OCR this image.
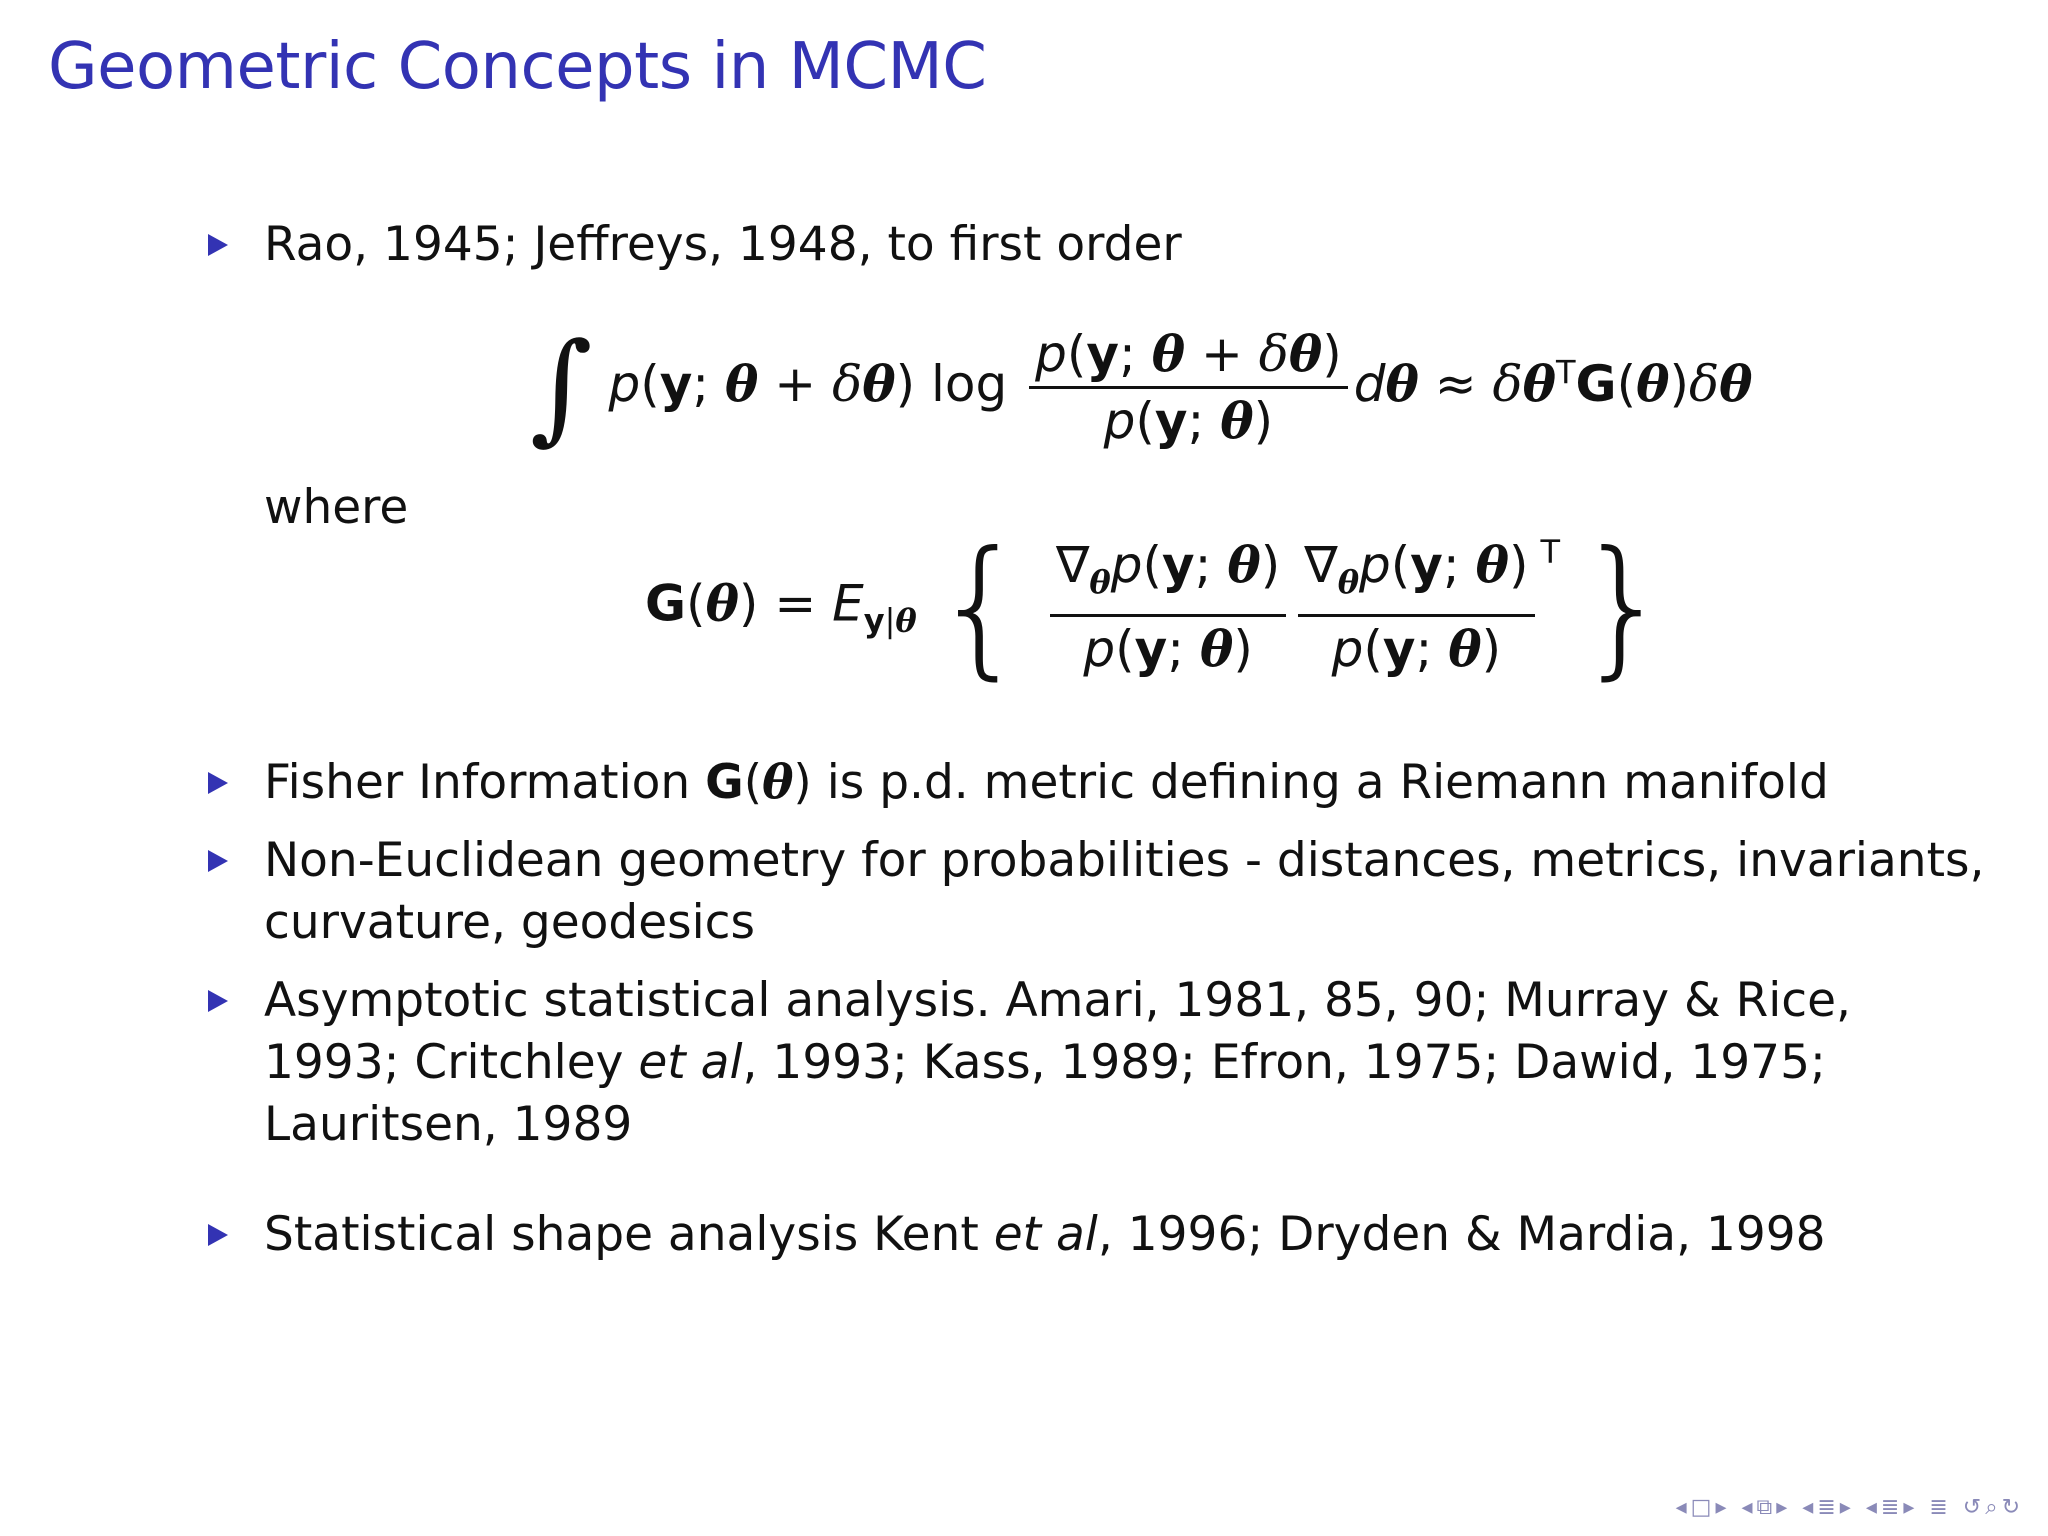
Geometric Concepts in MCMC
Rao, 1945; Jeffreys, 1948, to first order
∫ p(y; θ + δθ) $\log \frac{p(y; \theta + \delta\theta)}{p(y; \theta)}$ $d\theta \approx \delta\theta^TG(\theta)\delta\theta$
where
$G(\theta) = E_{y|\theta}$ { $\frac{\nabla_\theta p(y; \theta)}{p(y; \theta)} \frac{\nabla_\theta p(y; \theta)}{p(y; \theta)} ^T$ }
Fisher Information G(θ) is p.d. metric defining a Riemann manifold
Non-Euclidean geometry for probabilities - distances, metrics, invariants,
curvature, geodesics
Asymptotic statistical analysis. Amari, 1981, 85, 90; Murray & Rice,
1993; Critchley et al, 1993; Kass, 1989; Efron, 1975; Dawid, 1975;
Lauritsen, 1989
Statistical shape analysis Kent et al, 1996; Dryden & Mardia, 1998
◂□▸ ◂⧉▸ ◂≣▸ ◂≣▸ ≣ ↺⌕↻
